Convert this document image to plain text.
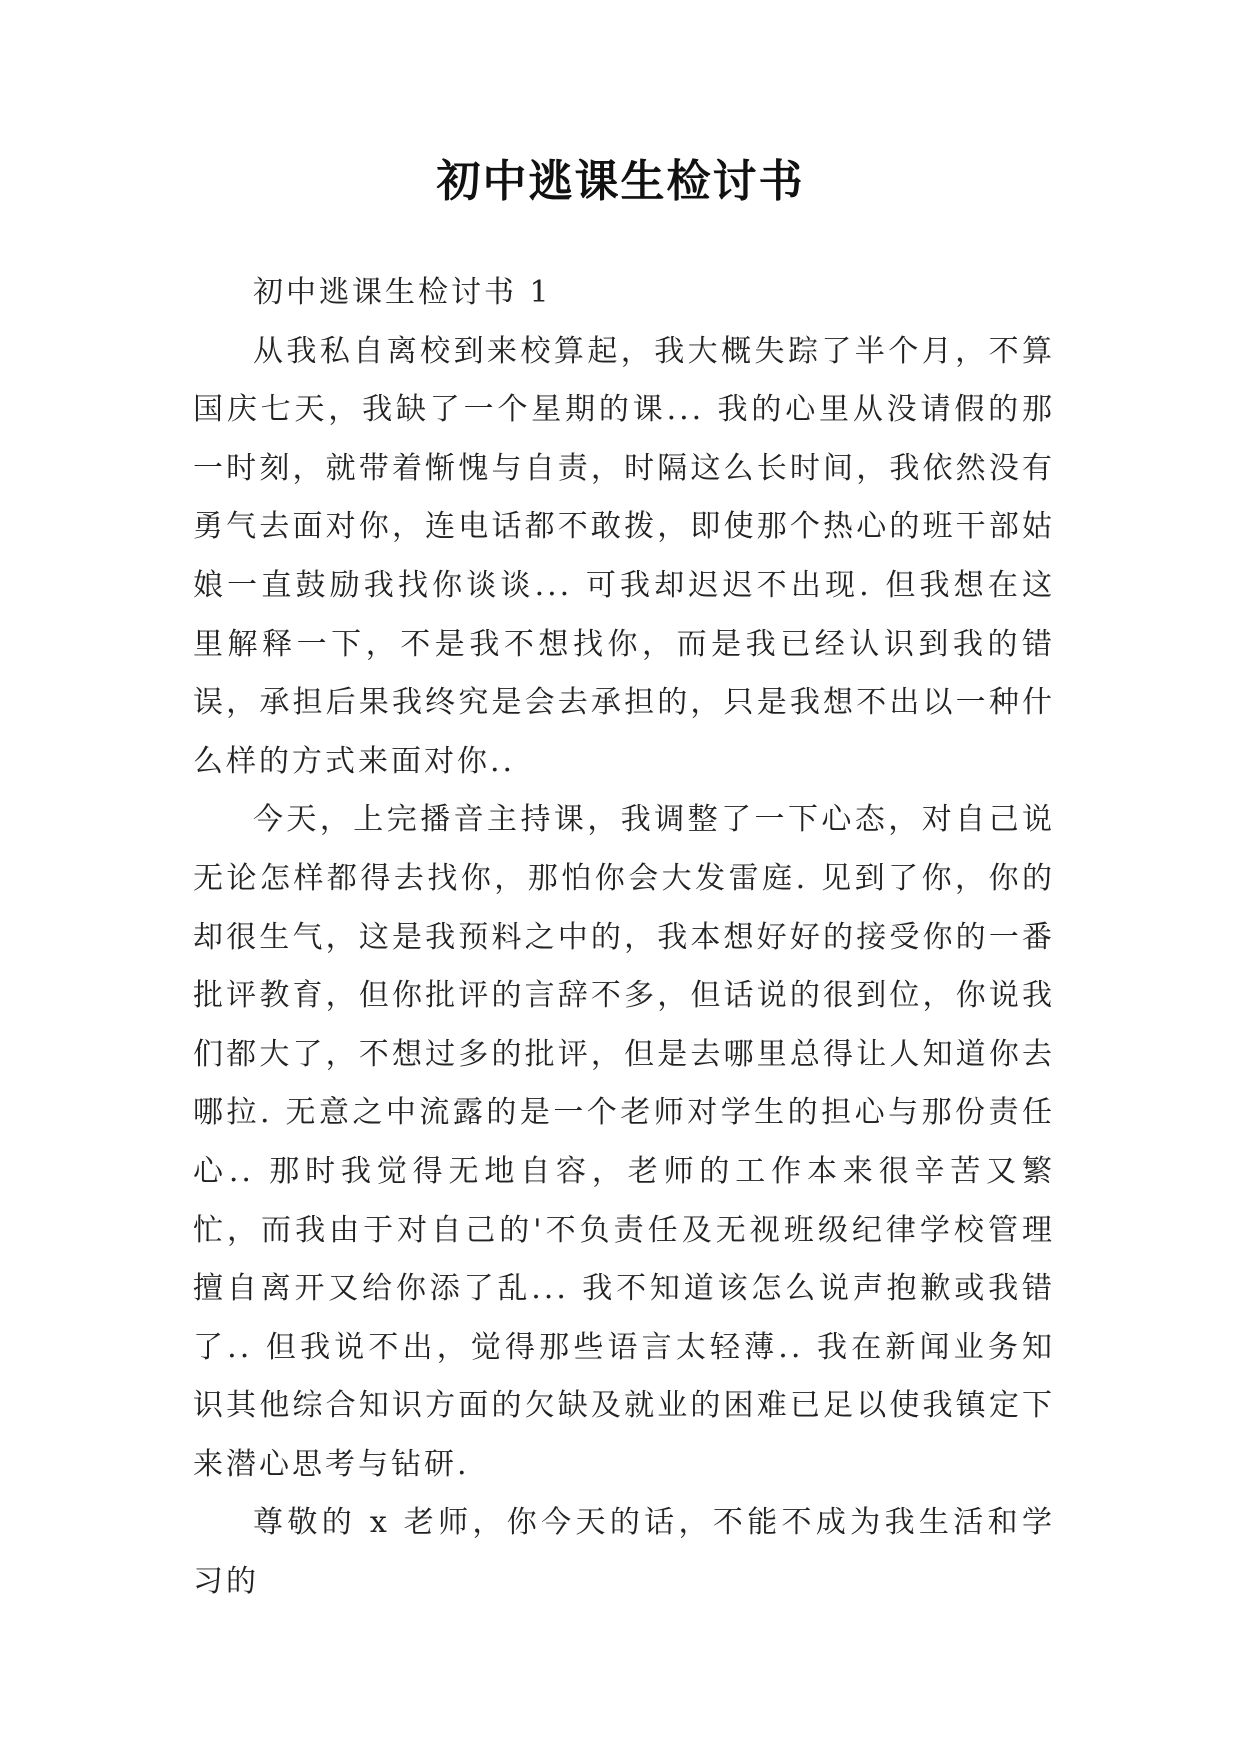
初中逃课生检讨书

初中逃课生检讨书 1

从我私自离校到来校算起，我大概失踪了半个月，不算国庆七天，我缺了一个星期的课... 我的心里从没请假的那一时刻，就带着惭愧与自责，时隔这么长时间，我依然没有勇气去面对你，连电话都不敢拨，即使那个热心的班干部姑娘一直鼓励我找你谈谈... 可我却迟迟不出现. 但我想在这里解释一下，不是我不想找你，而是我已经认识到我的错误，承担后果我终究是会去承担的，只是我想不出以一种什么样的方式来面对你..

今天，上完播音主持课，我调整了一下心态，对自己说无论怎样都得去找你，那怕你会大发雷庭. 见到了你，你的却很生气，这是我预料之中的，我本想好好的接受你的一番批评教育，但你批评的言辞不多，但话说的很到位，你说我们都大了，不想过多的批评，但是去哪里总得让人知道你去哪拉. 无意之中流露的是一个老师对学生的担心与那份责任心.. 那时我觉得无地自容，老师的工作本来很辛苦又繁忙，而我由于对自己的'不负责任及无视班级纪律学校管理擅自离开又给你添了乱... 我不知道该怎么说声抱歉或我错了.. 但我说不出，觉得那些语言太轻薄.. 我在新闻业务知识其他综合知识方面的欠缺及就业的困难已足以使我镇定下来潜心思考与钻研.

尊敬的 x 老师，你今天的话，不能不成为我生活和学习的
